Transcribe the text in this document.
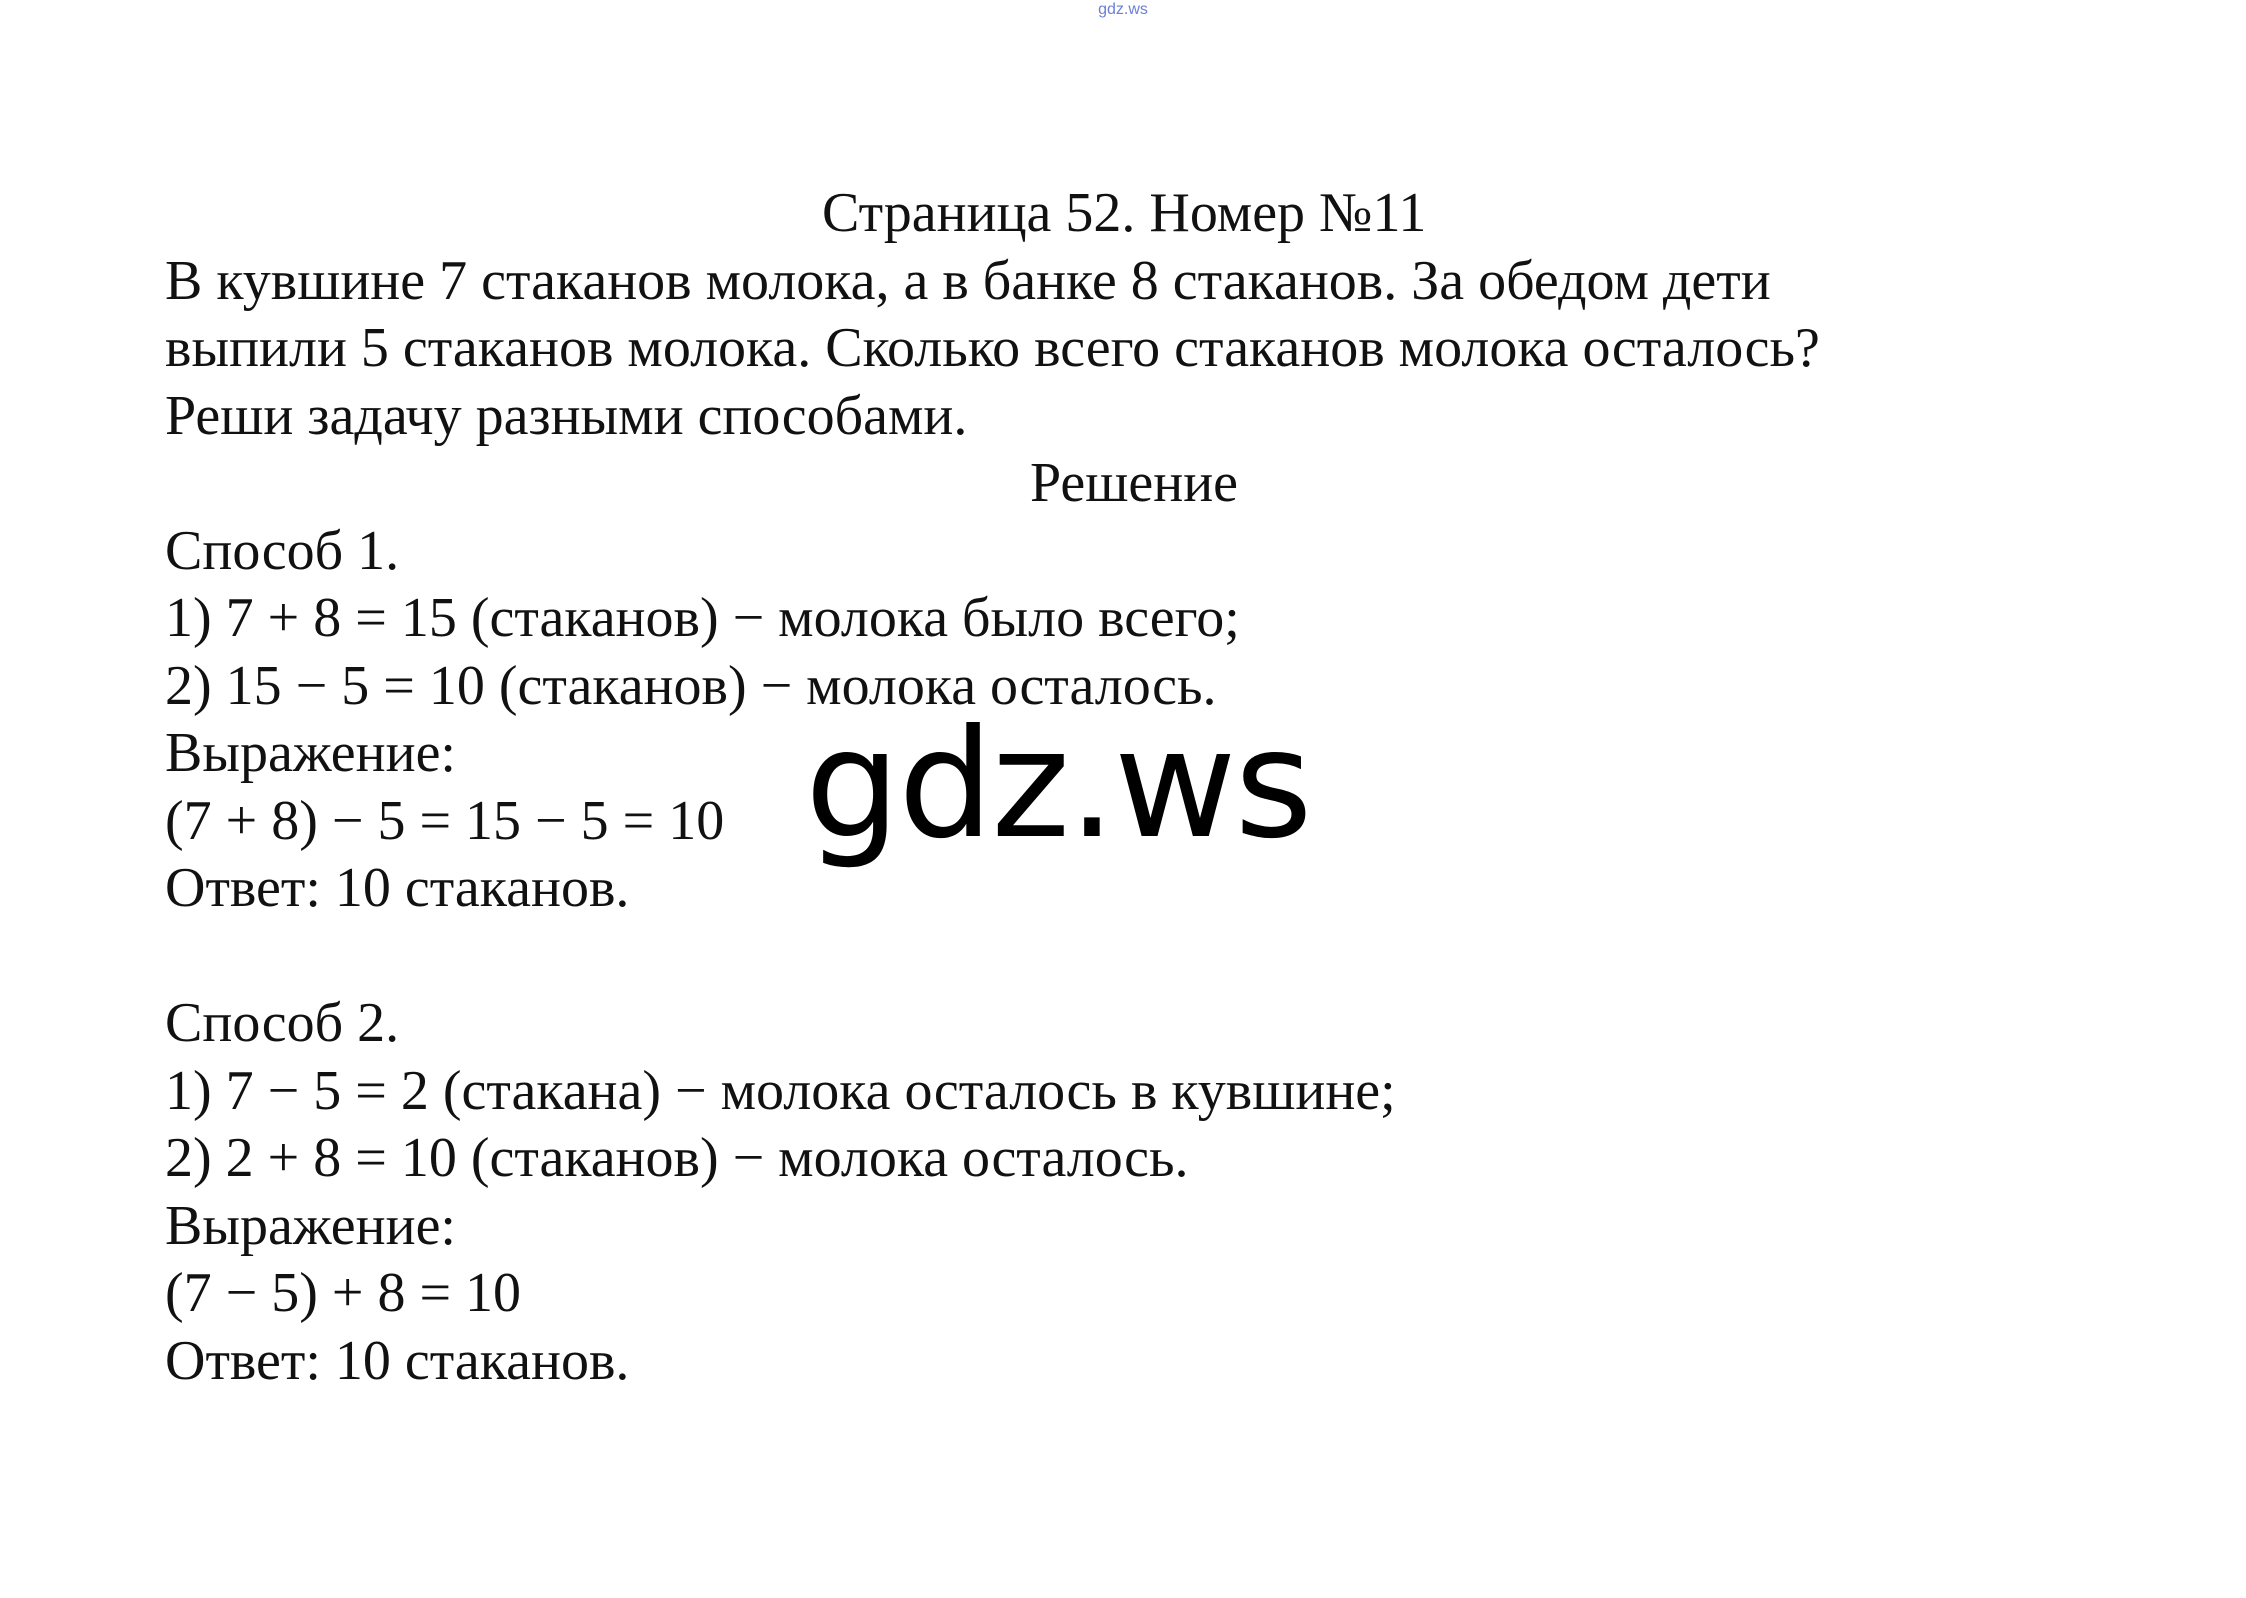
gdz.ws
Страница 52. Номер №11
В кувшине 7 стаканов молока, а в банке 8 стаканов. За обедом дети
выпили 5 стаканов молока. Сколько всего стаканов молока осталось?
Реши задачу разными способами.
Решение
Способ 1.
1) 7 + 8 = 15 (стаканов) − молока было всего;
2) 15 − 5 = 10 (стаканов) − молока осталось.
Выражение:
(7 + 8) − 5 = 15 − 5 = 10
Ответ: 10 стаканов.
Способ 2.
1) 7 − 5 = 2 (стакана) − молока осталось в кувшине;
2) 2 + 8 = 10 (стаканов) − молока осталось.
Выражение:
(7 − 5) + 8 = 10
Ответ: 10 стаканов.
gdz.ws
